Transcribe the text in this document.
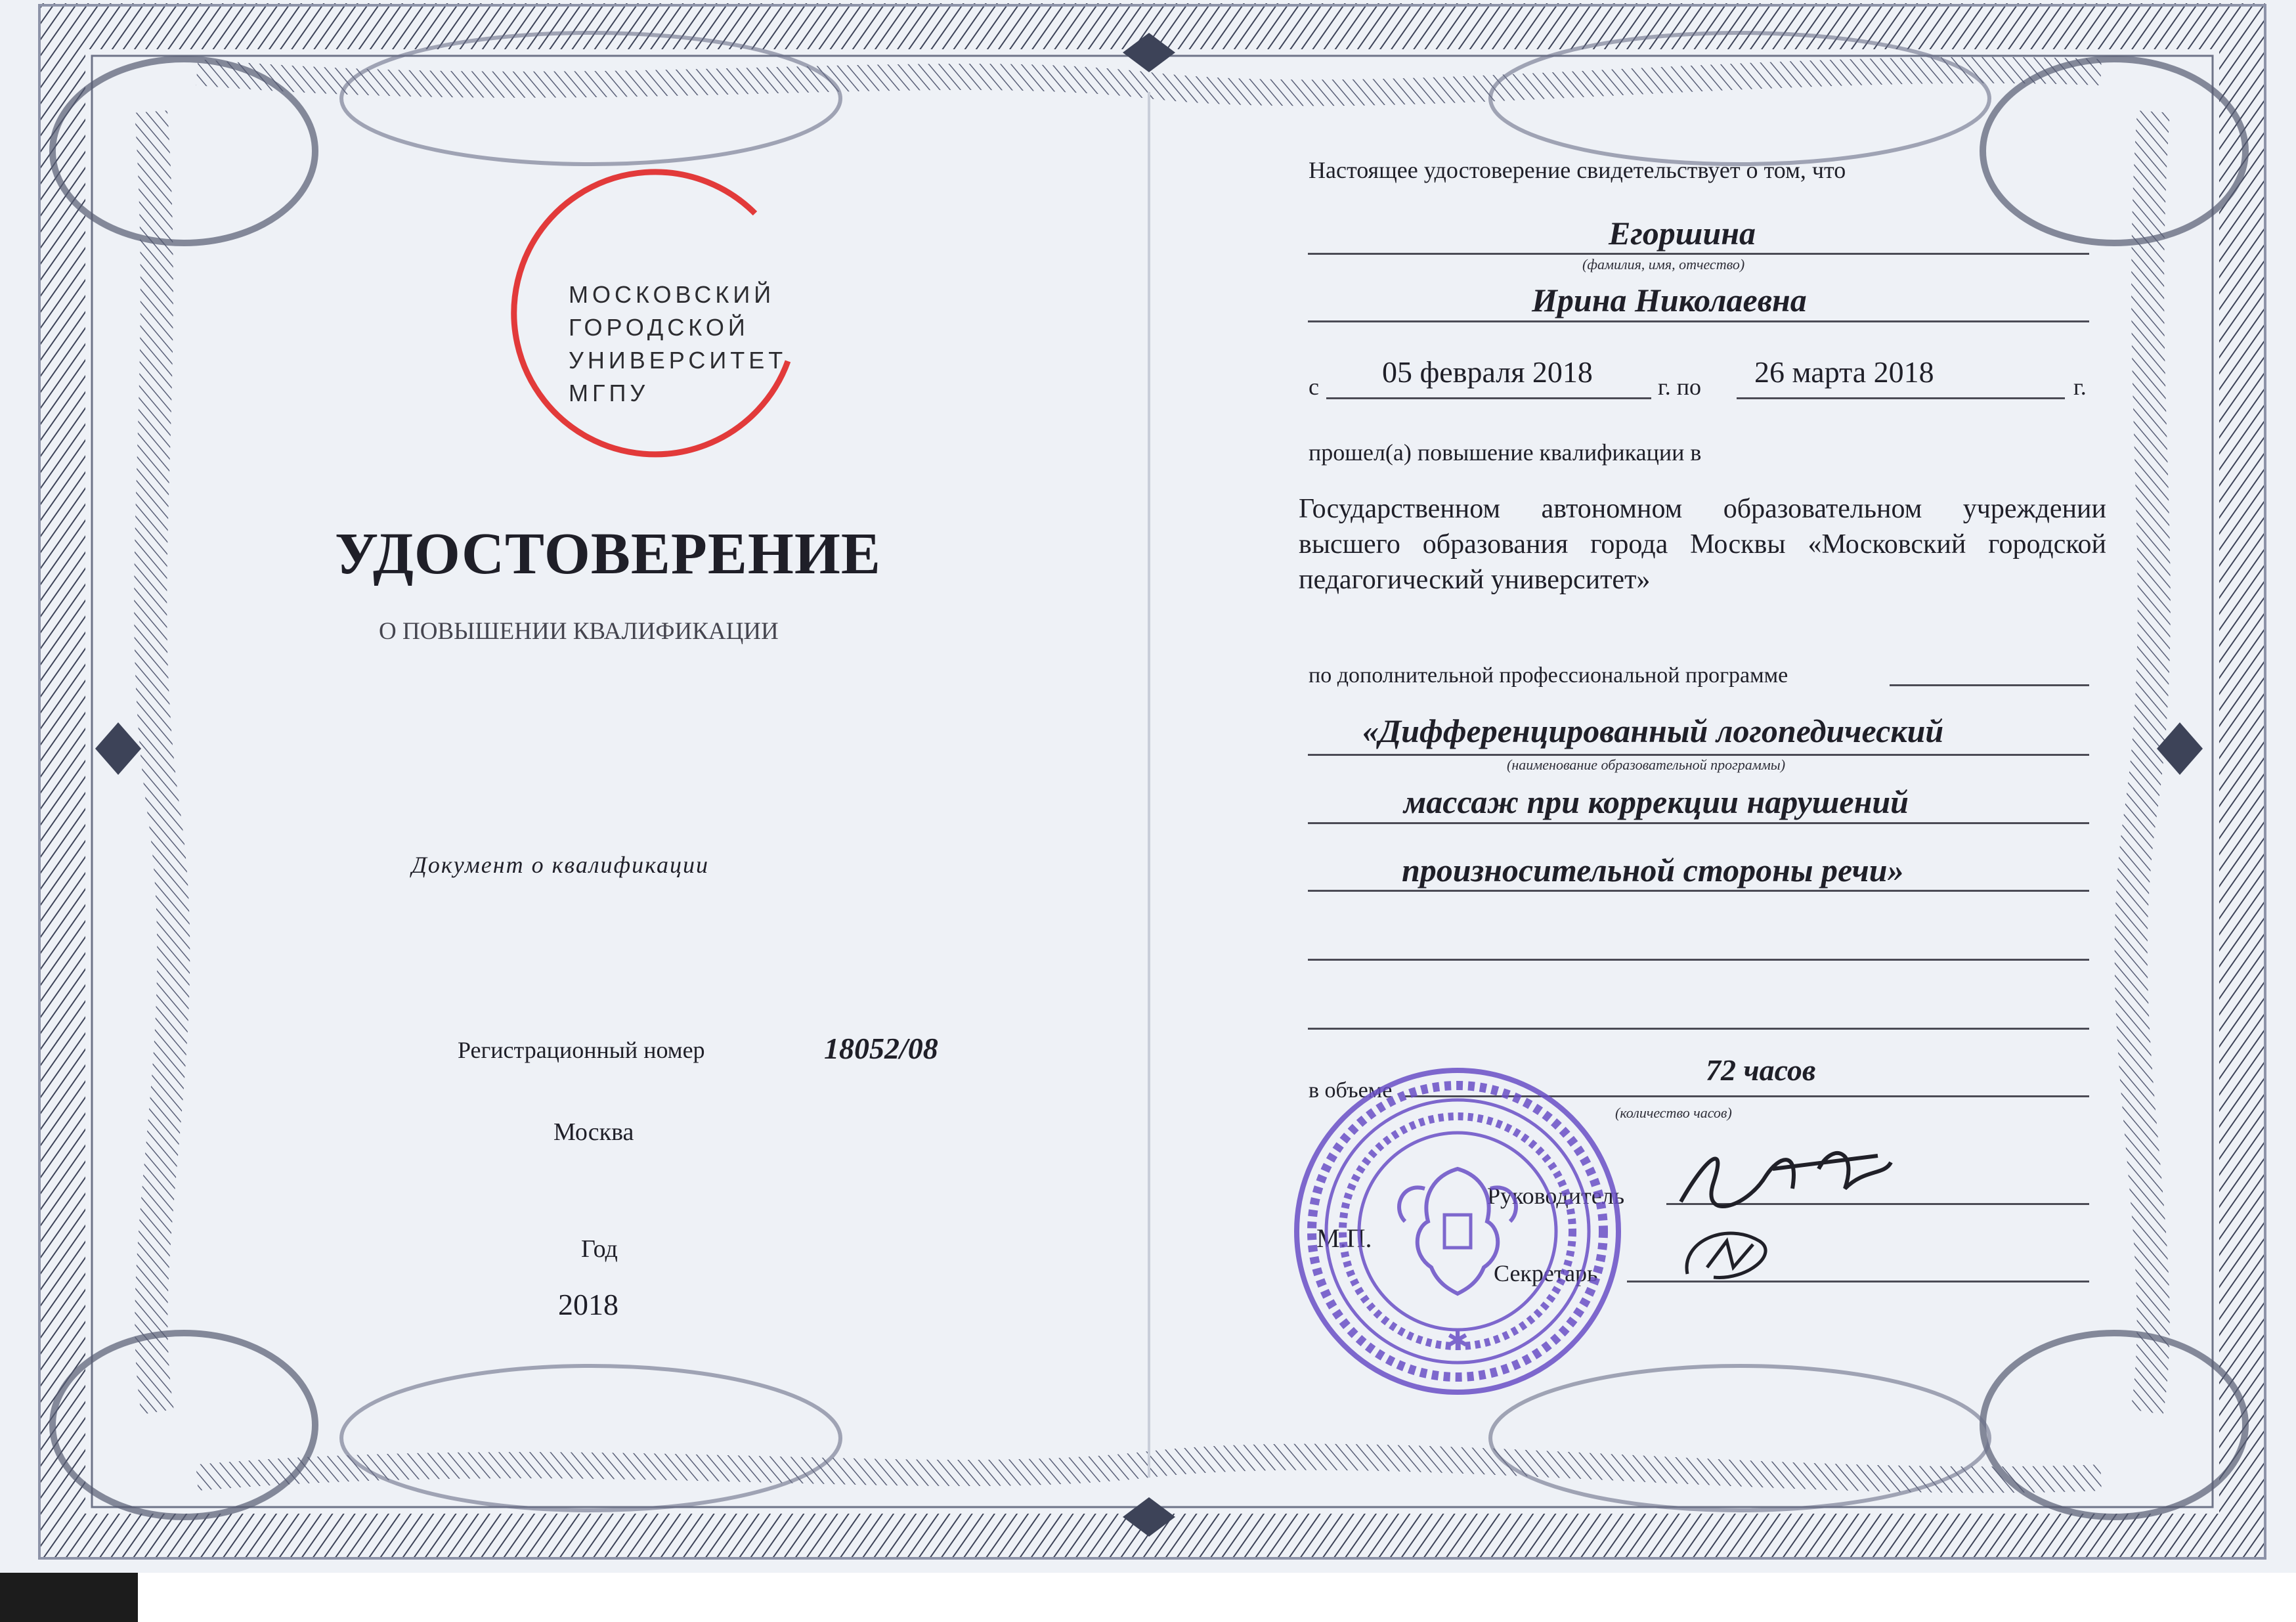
МОСКОВСКИЙ
ГОРОДСКОЙ
УНИВЕРСИТЕТ
МГПУ
УДОСТОВЕРЕНИЕ
О ПОВЫШЕНИИ КВАЛИФИКАЦИИ
Документ о квалификации
Регистрационный номер	18052/08
Москва
Год
2018
Настоящее удостоверение свидетельствует о том, что
Егоршина
(фамилия, имя, отчество)
Ирина Николаевна
с 05 февраля 2018	г. по 26 марта 2018	г.
прошел(а) повышение квалификации в
Государственном автономном образовательном учреждении высшего образования города Москвы «Московский городской педагогический университет»
по дополнительной профессиональной программе
«Дифференцированный логопедический
(наименование образовательной программы)
массаж при коррекции нарушений
произносительной стороны речи»
в объеме
72 часов
(количество часов)
Руководитель
М.П.
Секретарь
✱
